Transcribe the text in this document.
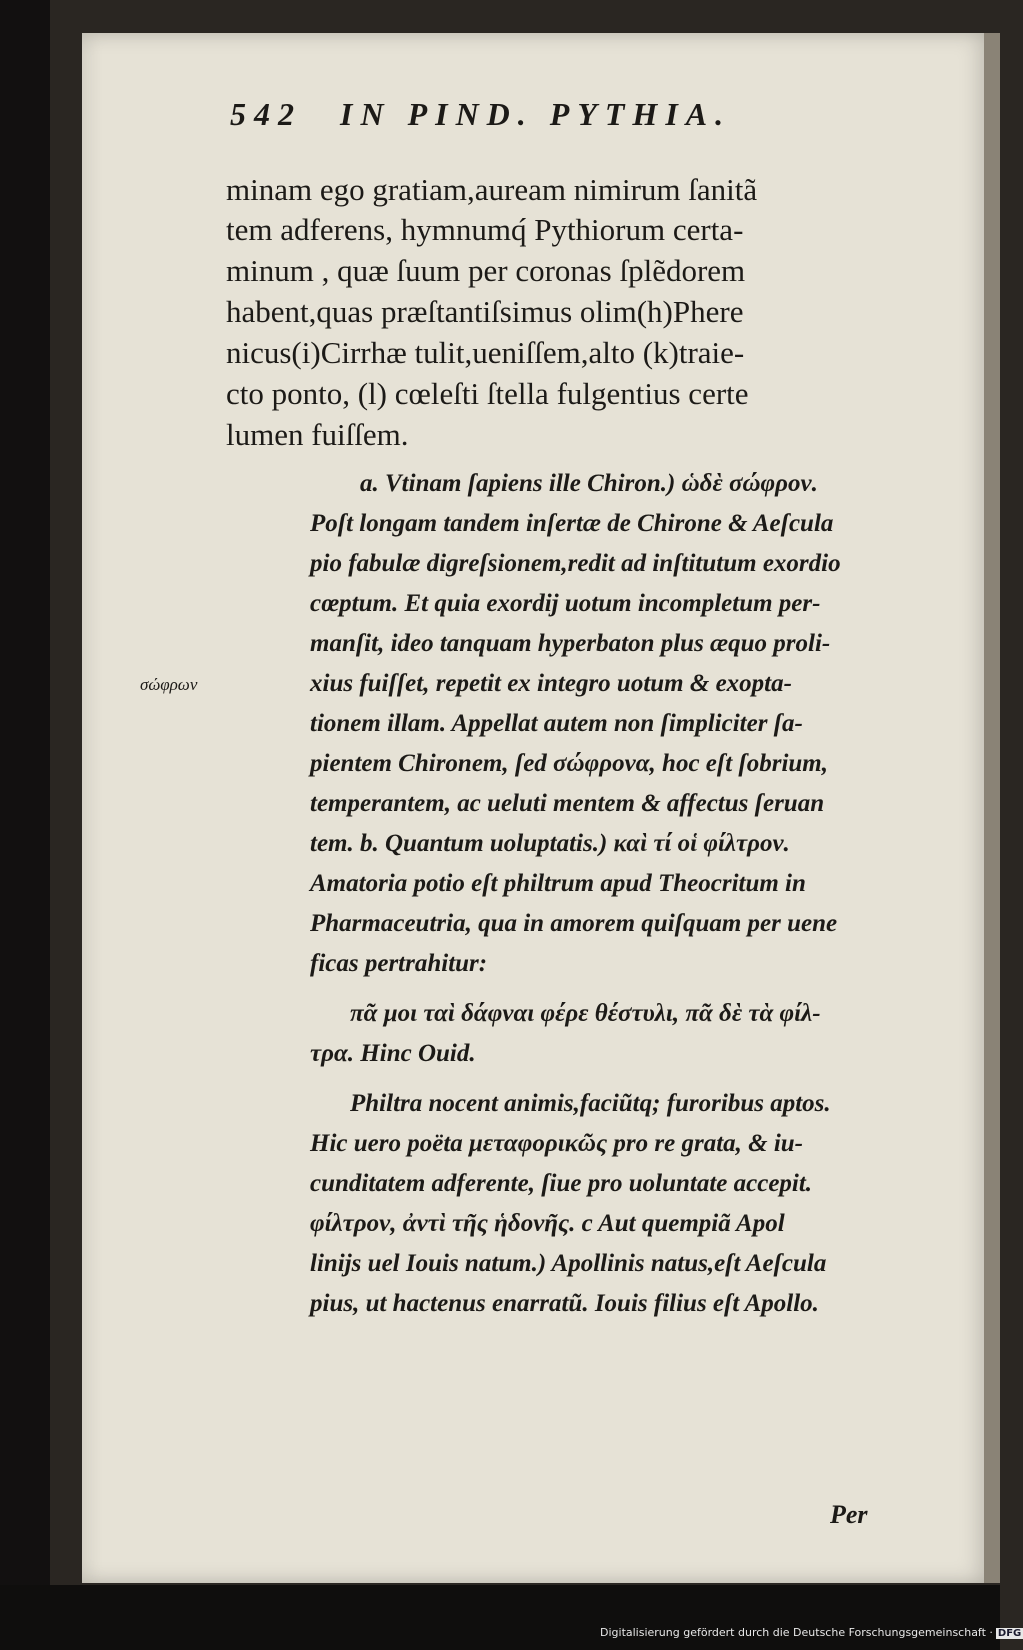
542 IN PIND. PYTHIA.
minam ego gratiam,auream nimirum ſanitã
tem adferens, hymnumq́ Pythiorum certa-
minum , quæ ſuum per coronas ſplẽdorem
habent,quas præſtantiſsimus olim(h)Phere
nicus(i)Cirrhæ tulit,ueniſſem,alto (k)traie-
cto ponto, (l) cœleſti ſtella fulgentius certe
lumen fuiſſem.
a. Vtinam ſapiens ille Chiron.) ὡδὲ σώφρον.
Poſt longam tandem inſertæ de Chirone & Aeſcula
pio fabulæ digreſsionem,redit ad inſtitutum exordio
cœptum. Et quia exordij uotum incompletum per-
manſit, ideo tanquam hyperbaton plus æquo proli-
xius fuiſſet, repetit ex integro uotum & exopta-
tionem illam. Appellat autem non ſimpliciter ſa-
pientem Chironem, ſed σώφρονα, hoc eſt ſobrium,
temperantem, ac ueluti mentem & affectus ſeruan
tem. b. Quantum uoluptatis.) καὶ τί οἱ φίλτρον.
Amatoria potio eſt philtrum apud Theocritum in
Pharmaceutria, qua in amorem quiſquam per uene
ficas pertrahitur:
πᾶ μοι ταὶ δάφναι φέρε θέστυλι, πᾶ δὲ τὰ φίλ-
τρα. Hinc Ouid.
Philtra nocent animis,faciũtq; furoribus aptos.
Hic uero poëta μεταφορικῶς pro re grata, & iu-
cunditatem adferente, ſiue pro uoluntate accepit.
φίλτρον, ἀντὶ τῆς ἡδονῆς. c Aut quempiã Apol
linijs uel Iouis natum.) Apollinis natus,eſt Aeſcula
pius, ut hactenus enarratũ. Iouis filius eſt Apollo.
σώφρων
Per
Digitalisierung gefördert durch die Deutsche Forschungsgemeinschaft · DFG
